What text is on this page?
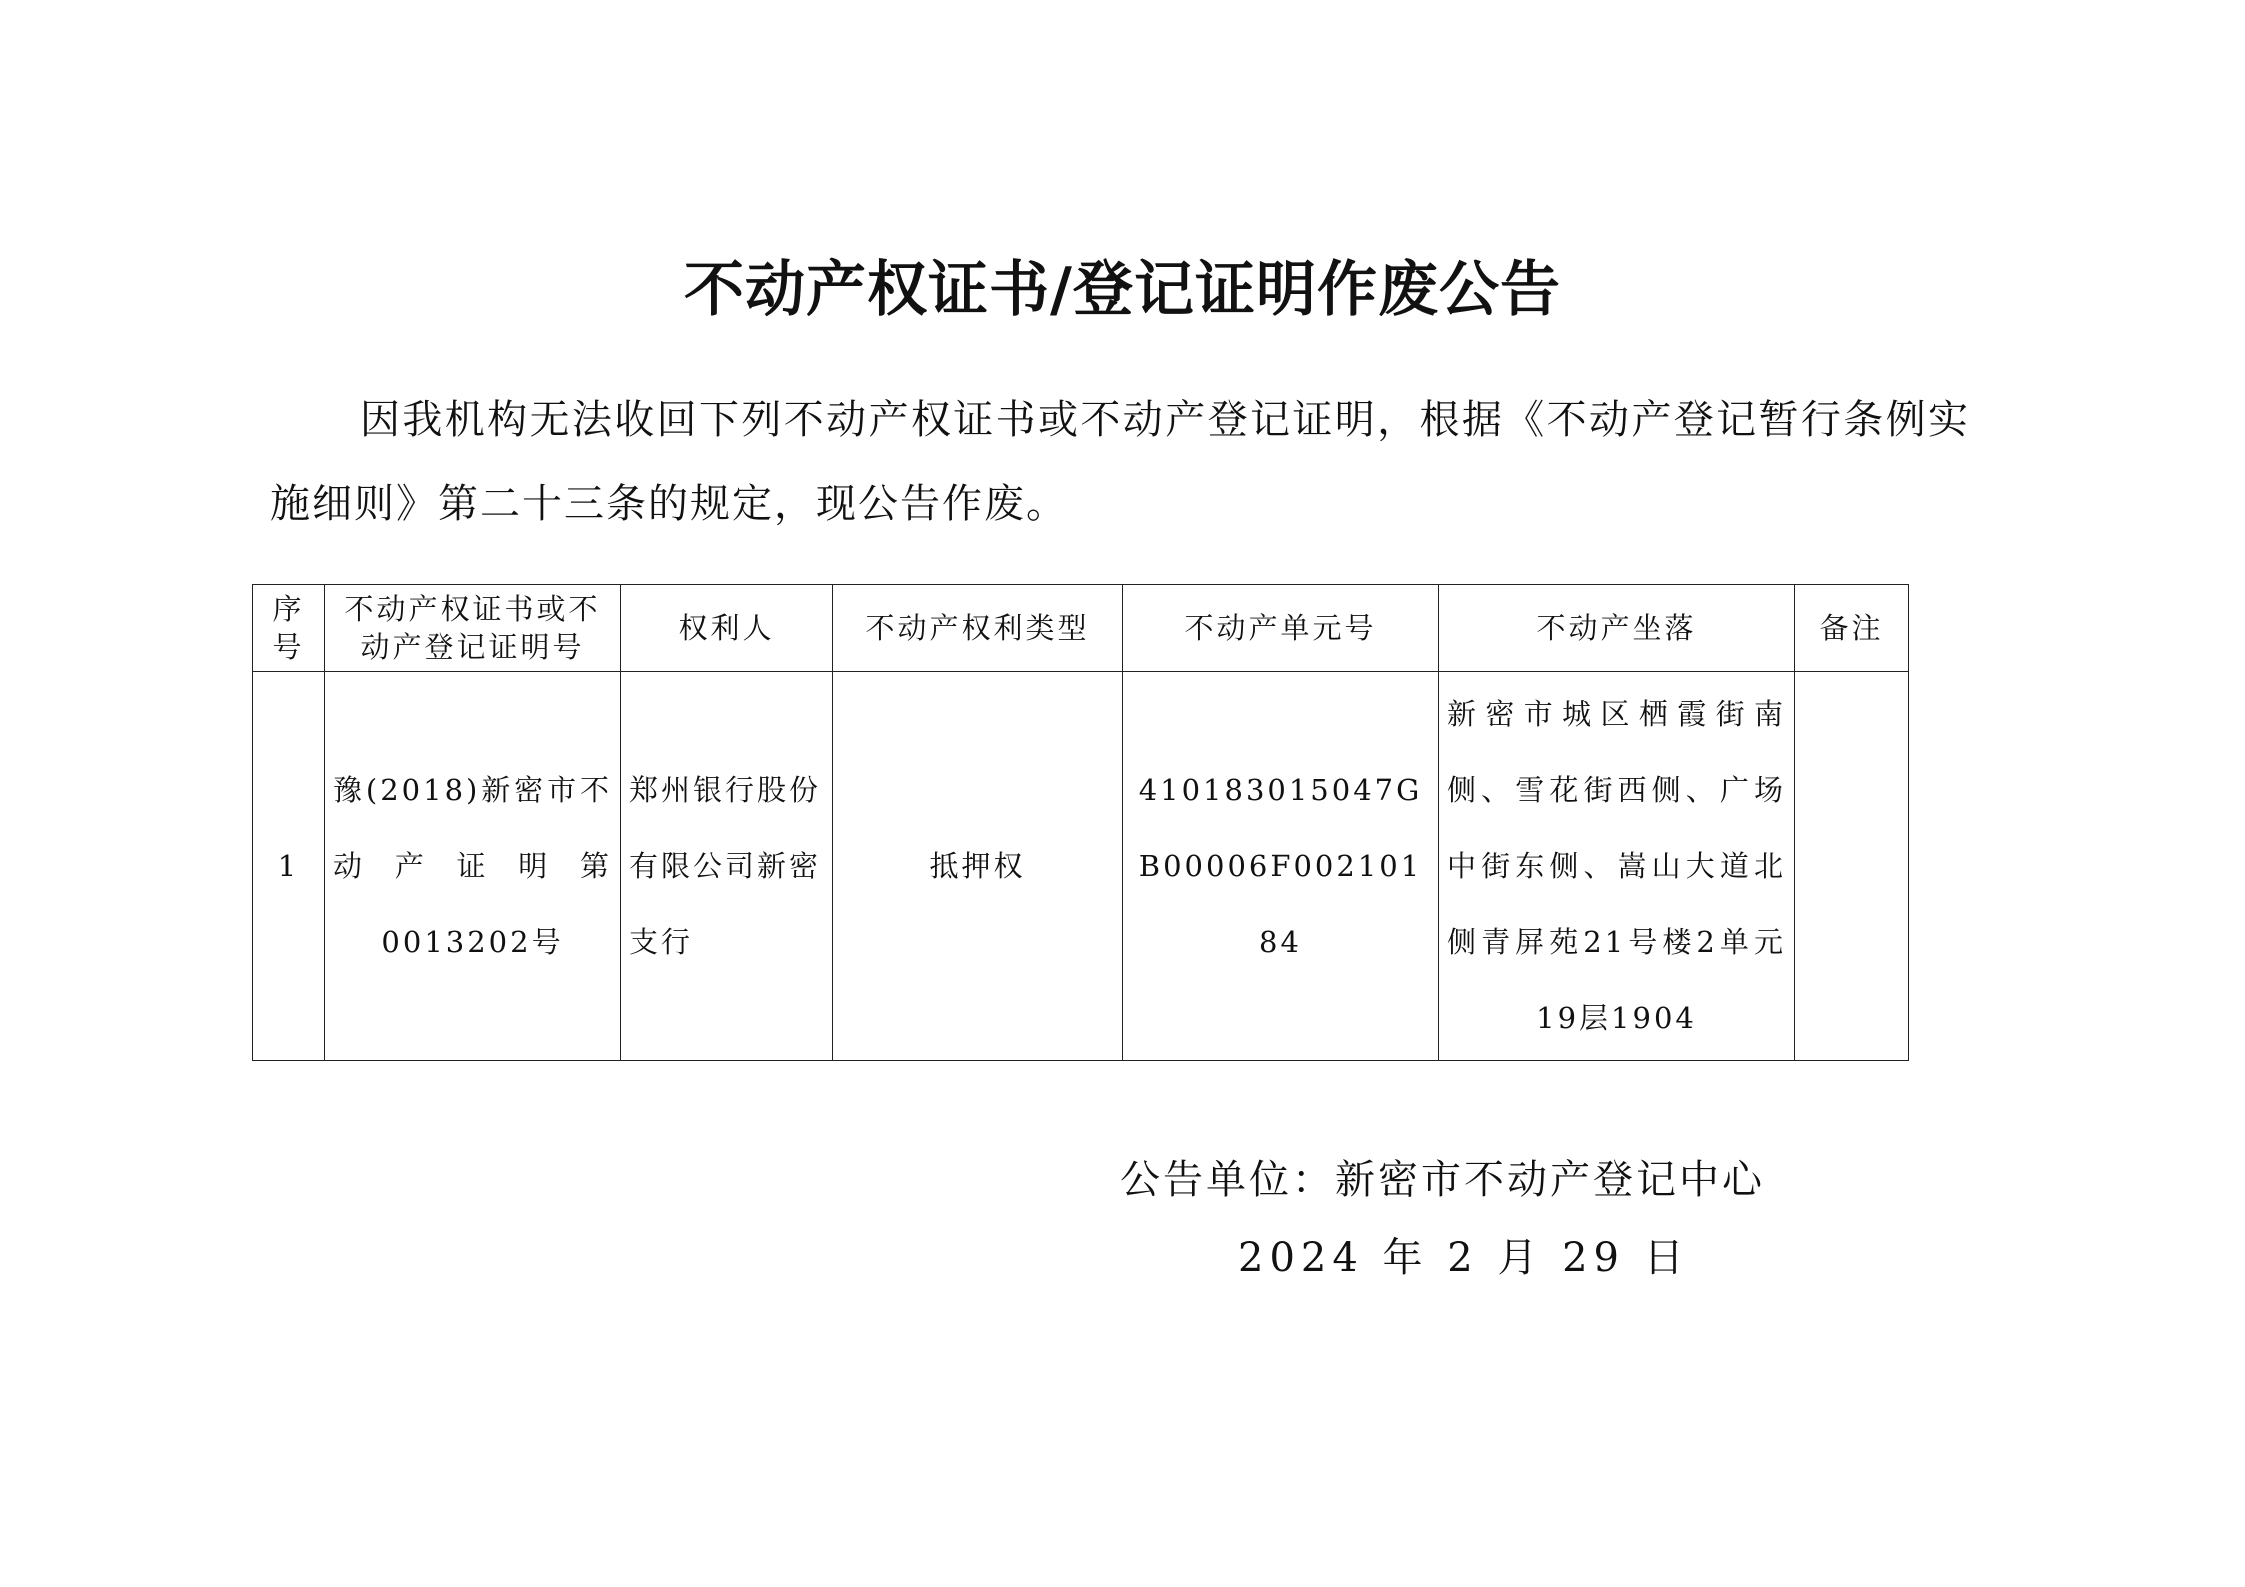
不动产权证书/登记证明作废公告
因我机构无法收回下列不动产权证书或不动产登记证明，根据《不动产登记暂行条例实施细则》第二十三条的规定，现公告作废。
序号	不动产权证书或不动产登记证明号	权利人	不动产权利类型	不动产单元号	不动产坐落	备注
1	豫(2018)新密市不动产证明第0013202号	郑州银行股份有限公司新密支行	抵押权	410183015047GB00006F00210184	新密市城区栖霞街南侧、雪花街西侧、广场中街东侧、嵩山大道北侧青屏苑21号楼2单元19层1904	
公告单位：新密市不动产登记中心
2024 年 2 月 29 日
